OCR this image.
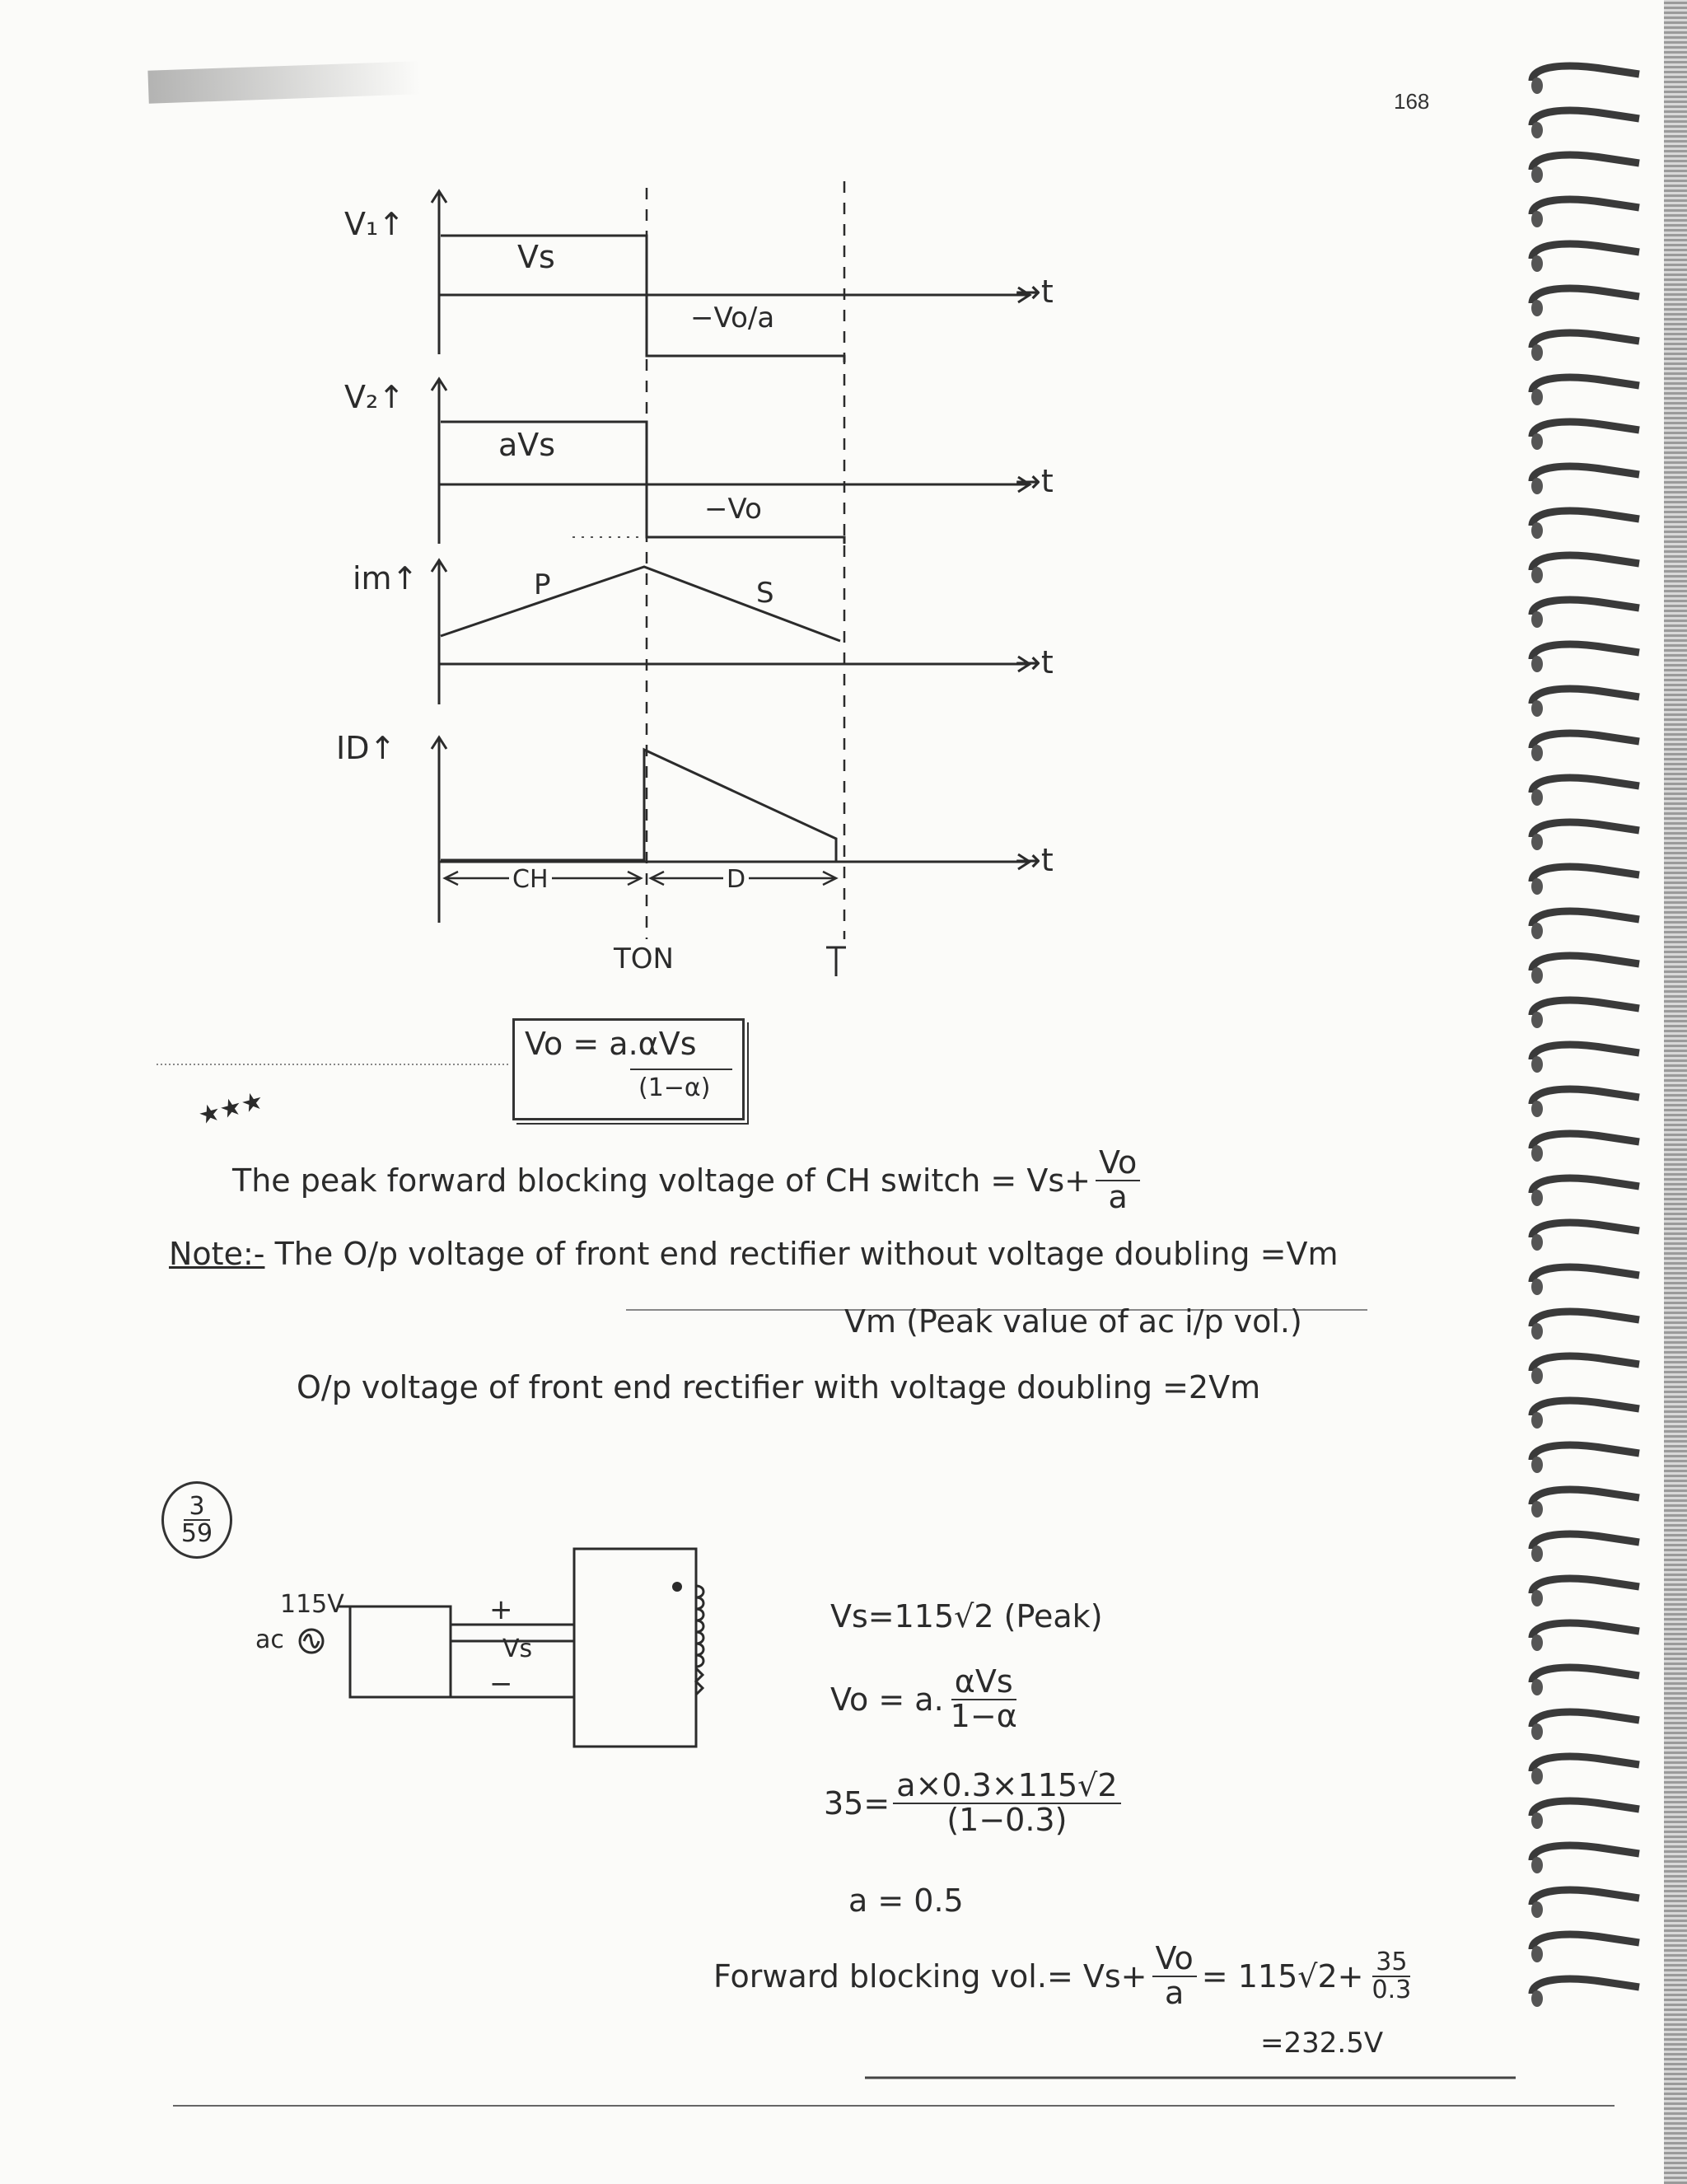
168
V₁↑
Vs
−Vo/a
→t
V₂↑
aVs
−Vo
→t
im↑	P	S
→t
ID↑
CH	D
→t
TON
Vo = a.αVs
(1−α)
★★★
The peak forward blocking voltage of CH switch = $Vs+ \frac{Vo}{a}$
Note:- The O/p voltage of front end rectifier without voltage doubling =Vm
Vm (Peak value of ac i/p vol.)
O/p voltage of front end rectifier with voltage doubling =2Vm
$\frac{3}{59}$
115V
ac
+
Vs
−
Vs=115√2 (Peak)
Vo = a. $\frac{\text{αVs}}{1-\alpha}$
$35= \frac{a\times 0.3\times 115√2}{(1-0.3)}$
a = 0.5
Forward blocking $vol.= Vs+ \frac{Vo}{a} = 115√2+ \frac{35}{0.3}$
=232.5V
